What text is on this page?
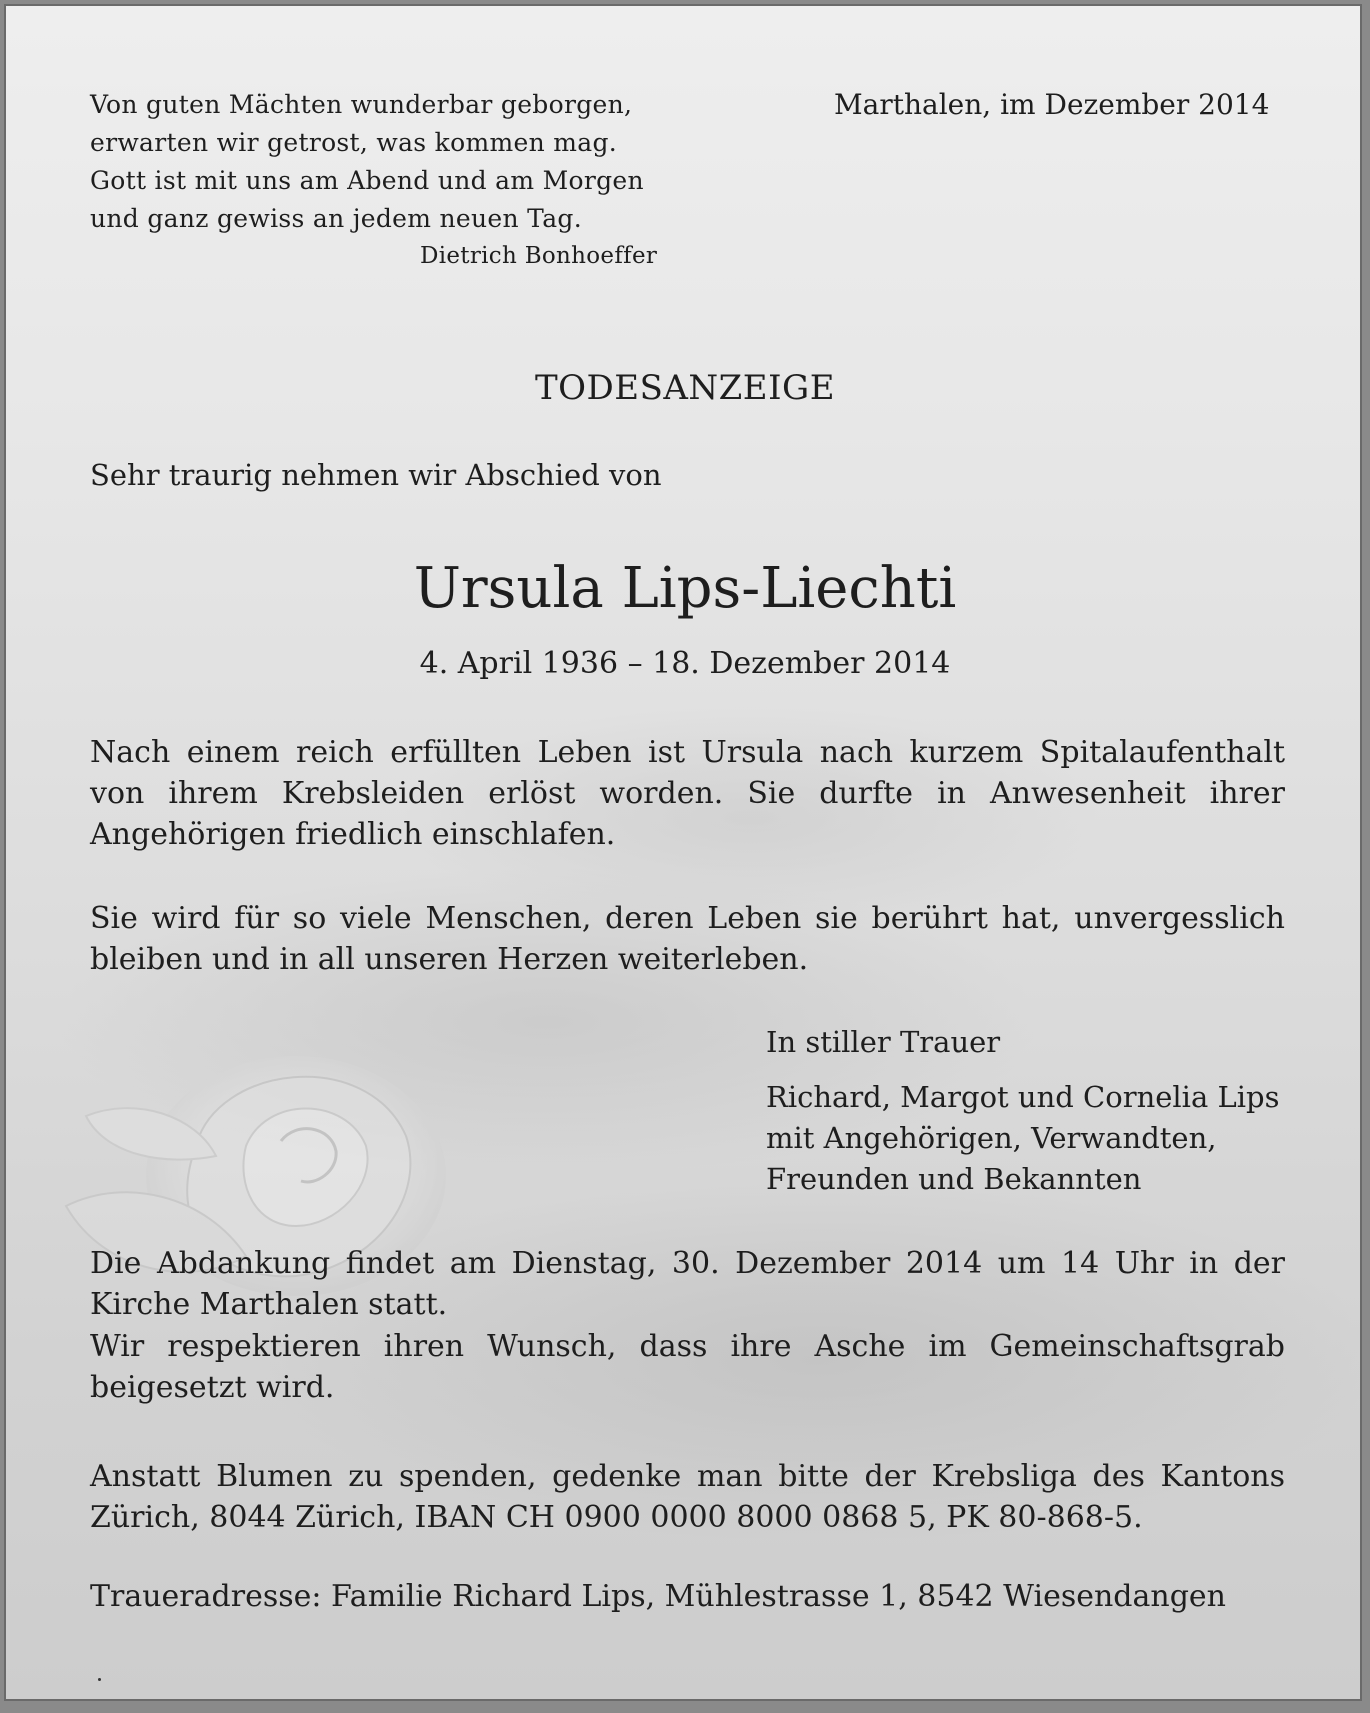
Von guten Mächten wunderbar geborgen,
erwarten wir getrost, was kommen mag.
Gott ist mit uns am Abend und am Morgen
und ganz gewiss an jedem neuen Tag.
Dietrich Bonhoeffer

Marthalen, im Dezember 2014

TODESANZEIGE

Sehr traurig nehmen wir Abschied von

Ursula Lips-Liechti

4. April 1936 – 18. Dezember 2014

Nach einem reich erfüllten Leben ist Ursula nach kurzem Spitalaufenthalt von ihrem Krebsleiden erlöst worden. Sie durfte in Anwesenheit ihrer Angehörigen friedlich einschlafen.

Sie wird für so viele Menschen, deren Leben sie berührt hat, unvergesslich bleiben und in all unseren Herzen weiterleben.

In stiller Trauer
Richard, Margot und Cornelia Lips
mit Angehörigen, Verwandten,
Freunden und Bekannten

Die Abdankung findet am Dienstag, 30. Dezember 2014 um 14 Uhr in der Kirche Marthalen statt.

Wir respektieren ihren Wunsch, dass ihre Asche im Gemeinschaftsgrab beigesetzt wird.

Anstatt Blumen zu spenden, gedenke man bitte der Krebsliga des Kantons Zürich, 8044 Zürich, IBAN CH 0900 0000 8000 0868 5, PK 80-868-5.

Traueradresse: Familie Richard Lips, Mühlestrasse 1, 8542 Wiesendangen
